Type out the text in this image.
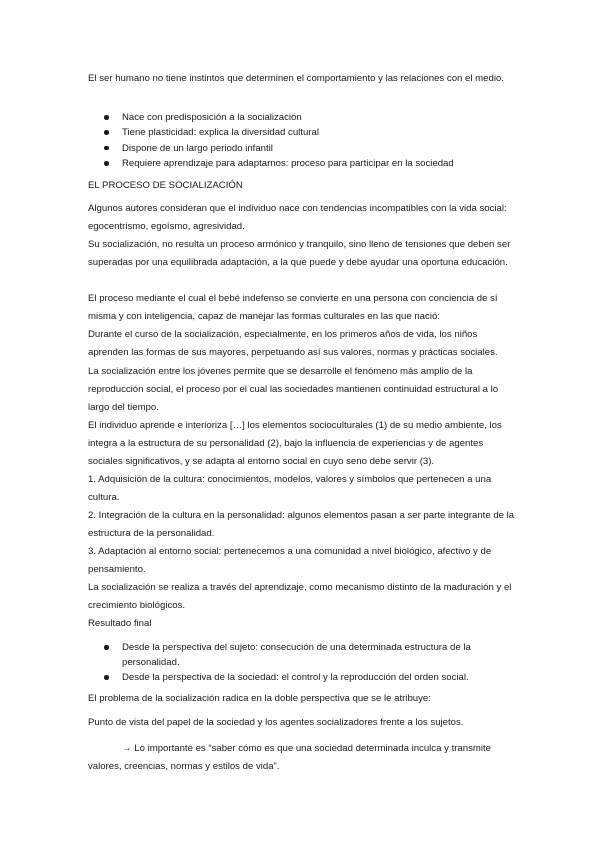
El ser humano no tiene instintos que determinen el comportamiento y las relaciones con el medio.

Nace con predisposición a la socialización
Tiene plasticidad: explica la diversidad cultural
Dispone de un largo periodo infantil
Requiere aprendizaje para adaptarnos: proceso para participar en la sociedad

EL PROCESO DE SOCIALIZACIÓN

Algunos autores consideran que el individuo nace con tendencias incompatibles con la vida social: egocentrismo, egoísmo, agresividad.

Su socialización, no resulta un proceso armónico y tranquilo, sino lleno de tensiones que deben ser superadas por una equilibrada adaptación, a la que puede y debe ayudar una oportuna educación.

El proceso mediante el cual el bebé indefenso se convierte en una persona con conciencia de sí misma y con inteligencia, capaz de manejar las formas culturales en las que nació:

Durante el curso de la socialización, especialmente, en los primeros años de vida, los niños aprenden las formas de sus mayores, perpetuando así sus valores, normas y prácticas sociales.

La socialización entre los jóvenes permite que se desarrolle el fenómeno más amplio de la reproducción social, el proceso por el cual las sociedades mantienen continuidad estructural a lo largo del tiempo.

El individuo aprende e interioriza […] los elementos socioculturales (1) de su medio ambiente, los integra a la estructura de su personalidad (2), bajo la influencia de experiencias y de agentes sociales significativos, y se adapta al entorno social en cuyo seno debe servir (3).

1. Adquisición de la cultura: conocimientos, modelos, valores y símbolos que pertenecen a una cultura.

2. Integración de la cultura en la personalidad: algunos elementos pasan a ser parte integrante de la estructura de la personalidad.

3. Adaptación al entorno social: pertenecemos a una comunidad a nivel biológico, afectivo y de pensamiento.

La socialización se realiza a través del aprendizaje, como mecanismo distinto de la maduración y el crecimiento biológicos.

Resultado final

Desde la perspectiva del sujeto: consecución de una determinada estructura de la personalidad.
Desde la perspectiva de la sociedad: el control y la reproducción del orden social.

El problema de la socialización radica en la doble perspectiva que se le atribuye:

Punto de vista del papel de la sociedad y los agentes socializadores frente a los sujetos.

→ Lo importante es “saber cómo es que una sociedad determinada inculca y transmite valores, creencias, normas y estilos de vida”.
